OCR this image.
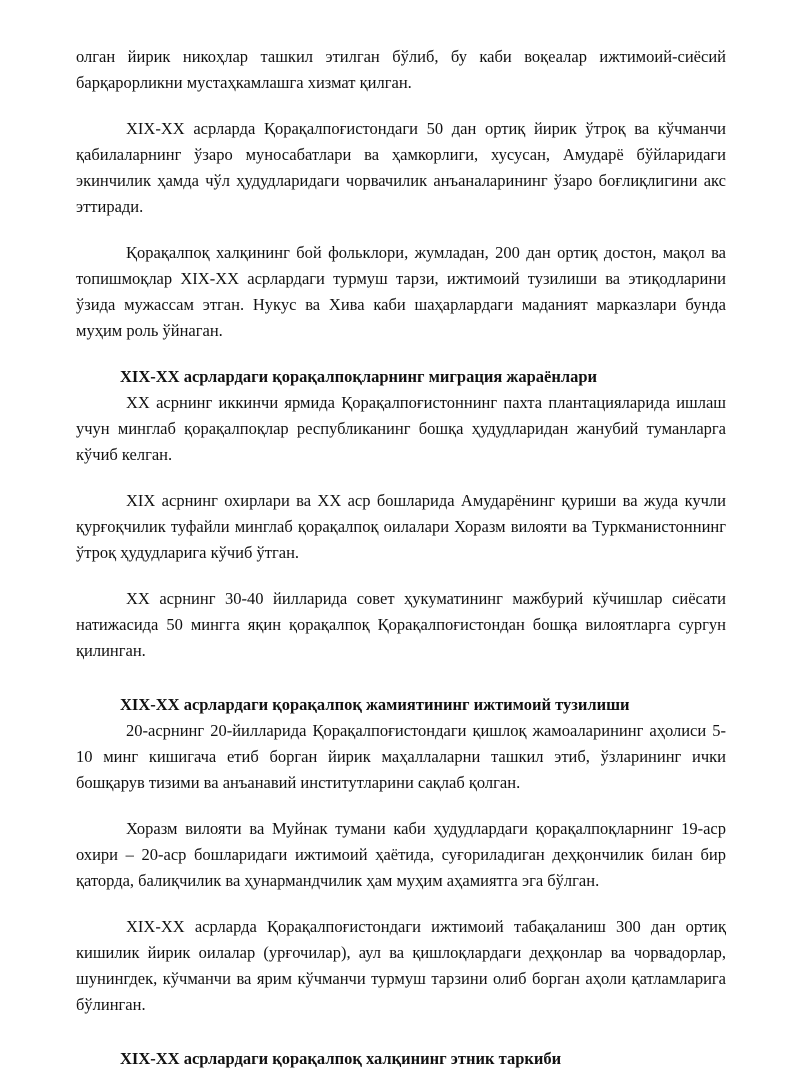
олган йирик никоҳлар ташкил этилган бўлиб, бу каби воқеалар ижтимоий-сиёсий барқарорликни мустаҳкамлашга хизмат қилган.

XIX-XX асрларда Қорақалпоғистондаги 50 дан ортиқ йирик ўтроқ ва кўчманчи қабилаларнинг ўзаро муносабатлари ва ҳамкорлиги, хусусан, Амударё бўйларидаги экинчилик ҳамда чўл ҳудудларидаги чорвачилик анъаналарининг ўзаро боғлиқлигини акс эттиради.

Қорақалпоқ халқининг бой фольклори, жумладан, 200 дан ортиқ достон, мақол ва топишмоқлар XIX-XX асрлардаги турмуш тарзи, ижтимоий тузилиши ва этиқодларини ўзида мужассам этган. Нукус ва Хива каби шаҳарлардаги маданият марказлари бунда муҳим роль ўйнаган.

XIX-XX асрлардаги қорақалпоқларнинг миграция жараёнлари

XX асрнинг иккинчи ярмида Қорақалпоғистоннинг пахта плантацияларида ишлаш учун минглаб қорақалпоқлар республиканинг бошқа ҳудудларидан жанубий туманларга кўчиб келган.

XIX асрнинг охирлари ва XX аср бошларида Амударёнинг қуриши ва жуда кучли қурғоқчилик туфайли минглаб қорақалпоқ оилалари Хоразм вилояти ва Туркманистоннинг ўтроқ ҳудудларига кўчиб ўтган.

XX асрнинг 30-40 йилларида совет ҳукуматининг мажбурий кўчишлар сиёсати натижасида 50 мингга яқин қорақалпоқ Қорақалпоғистондан бошқа вилоятларга сургун қилинган.

XIX-XX асрлардаги қорақалпоқ жамиятининг ижтимоий тузилиши

20-асрнинг 20-йилларида Қорақалпоғистондаги қишлоқ жамоаларининг аҳолиси 5-10 минг кишигача етиб борган йирик маҳаллаларни ташкил этиб, ўзларининг ички бошқарув тизими ва анъанавий институтларини сақлаб қолган.

Хоразм вилояти ва Муйнак тумани каби ҳудудлардаги қорақалпоқларнинг 19-аср охири – 20-аср бошларидаги ижтимоий ҳаётида, суғориладиган деҳқончилик билан бир қаторда, балиқчилик ва ҳунармандчилик ҳам муҳим аҳамиятга эга бўлган.

XIX-XX асрларда Қорақалпоғистондаги ижтимоий табақаланиш 300 дан ортиқ кишилик йирик оилалар (урғочилар), аул ва қишлоқлардаги деҳқонлар ва чорвадорлар, шунингдек, кўчманчи ва ярим кўчманчи турмуш тарзини олиб борган аҳоли қатламларига бўлинган.

XIX-XX асрлардаги қорақалпоқ халқининг этник таркиби
